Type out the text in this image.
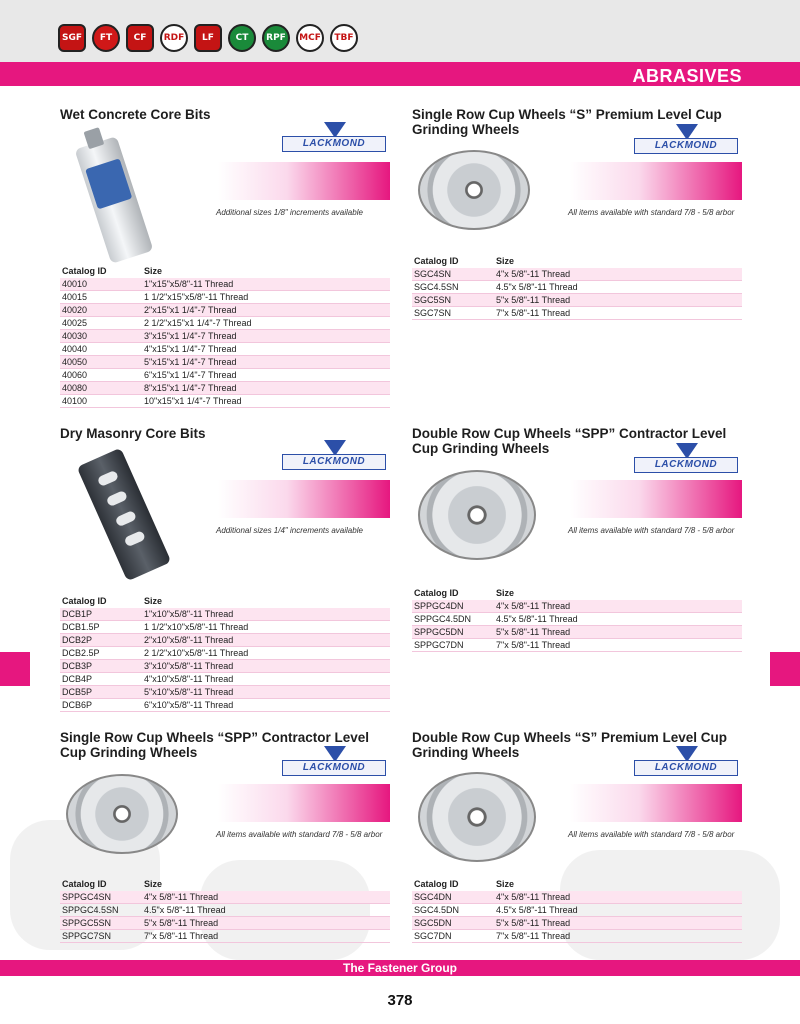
SGF	FT	CF	RDF	LF	CT	RPF	MCF	TBF
ABRASIVES
Wet Concrete Core Bits
LACKMOND
Additional sizes 1/8" increments available
Catalog ID	Size
40010	1"x15"x5/8"-11 Thread
40015	1 1/2"x15"x5/8"-11 Thread
40020	2"x15"x1 1/4"-7 Thread
40025	2 1/2"x15"x1 1/4"-7 Thread
40030	3"x15"x1 1/4"-7 Thread
40040	4"x15"x1 1/4"-7 Thread
40050	5"x15"x1 1/4"-7 Thread
40060	6"x15"x1 1/4"-7 Thread
40080	8"x15"x1 1/4"-7 Thread
40100	10"x15"x1 1/4"-7 Thread
Single Row Cup Wheels “S” Premium Level Cup Grinding Wheels
LACKMOND
All items available with standard 7/8 - 5/8 arbor
Catalog ID	Size
SGC4SN	4"x 5/8"-11 Thread
SGC4.5SN	4.5"x 5/8"-11 Thread
SGC5SN	5"x 5/8"-11 Thread
SGC7SN	7"x 5/8"-11 Thread
Dry Masonry Core Bits
LACKMOND
Additional sizes 1/4" increments available
Catalog ID	Size
DCB1P	1"x10"x5/8"-11 Thread
DCB1.5P	1 1/2"x10"x5/8"-11 Thread
DCB2P	2"x10"x5/8"-11 Thread
DCB2.5P	2 1/2"x10"x5/8"-11 Thread
DCB3P	3"x10"x5/8"-11 Thread
DCB4P	4"x10"x5/8"-11 Thread
DCB5P	5"x10"x5/8"-11 Thread
DCB6P	6"x10"x5/8"-11 Thread
Double Row Cup Wheels “SPP” Contractor Level Cup Grinding Wheels
LACKMOND
All items available with standard 7/8 - 5/8 arbor
Catalog ID	Size
SPPGC4DN	4"x 5/8"-11 Thread
SPPGC4.5DN	4.5"x 5/8"-11 Thread
SPPGC5DN	5"x 5/8"-11 Thread
SPPGC7DN	7"x 5/8"-11 Thread
Single Row Cup Wheels “SPP” Contractor Level Cup Grinding Wheels
LACKMOND
All items available with standard 7/8 - 5/8 arbor
Catalog ID	Size
SPPGC4SN	4"x 5/8"-11 Thread
SPPGC4.5SN	4.5"x 5/8"-11 Thread
SPPGC5SN	5"x 5/8"-11 Thread
SPPGC7SN	7"x 5/8"-11 Thread
Double Row Cup Wheels “S” Premium Level Cup Grinding Wheels
LACKMOND
All items available with standard 7/8 - 5/8 arbor
Catalog ID	Size
SGC4DN	4"x 5/8"-11 Thread
SGC4.5DN	4.5"x 5/8"-11 Thread
SGC5DN	5"x 5/8"-11 Thread
SGC7DN	7"x 5/8"-11 Thread
The Fastener Group
378
